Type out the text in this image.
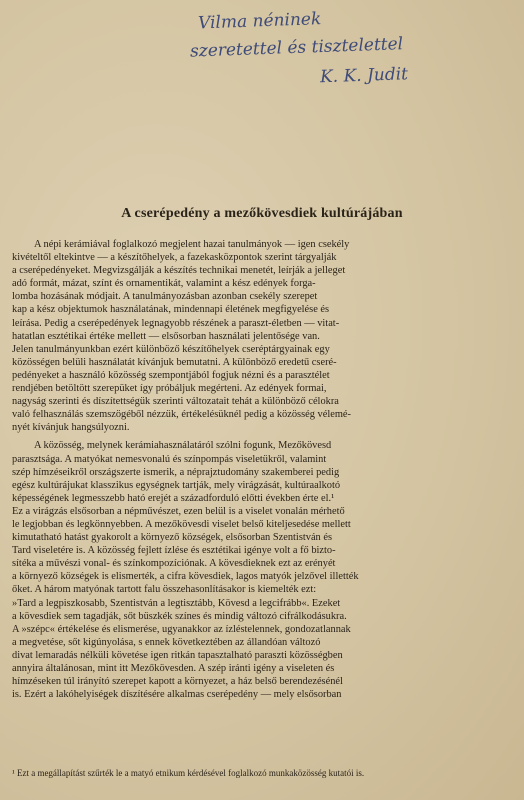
Vilma néninek
szeretettel és tisztelettel
K. K. Judit
A cserépedény a mezőkövesdiek kultúrájában
A népi kerámiával foglalkozó megjelent hazai tanulmányok — igen csekély
kivételtől eltekintve — a készítőhelyek, a fazekasközpontok szerint tárgyalják
a cserépedényeket. Megvizsgálják a készítés technikai menetét, leírják a jelleget
adó formát, mázat, színt és ornamentikát, valamint a kész edények forga-
lomba hozásának módjait. A tanulmányozásban azonban csekély szerepet
kap a kész objektumok használatának, mindennapi életének megfigyelése és
leírása. Pedig a cserépedények legnagyobb részének a paraszt-életben — vitat-
hatatlan esztétikai értéke mellett — elsősorban használati jelentősége van.
Jelen tanulmányunkban ezért különböző készítőhelyek cseréptárgyainak egy
közösségen belüli használatát kívánjuk bemutatni. A különböző eredetű cseré-
pedényeket a használó közösség szempontjából fogjuk nézni és a parasztélet
rendjében betöltött szerepüket így próbáljuk megérteni. Az edények formai,
nagyság szerinti és díszítettségük szerinti változatait tehát a különböző célokra
való felhasználás szemszögéből nézzük, értékelésüknél pedig a közösség vélemé-
nyét kívánjuk hangsúlyozni.
A közösség, melynek kerámiahasználatáról szólni fogunk, Mezőkövesd
parasztsága. A matyókat nemesvonalú és színpompás viseletükről, valamint
szép hímzéseikről országszerte ismerik, a néprajztudomány szakemberei pedig
egész kultúrájukat klasszikus egységnek tartják, mely virágzását, kultúraalkotó
képességének legmesszebb ható erejét a századforduló előtti években érte el.¹
Ez a virágzás elsősorban a népművészet, ezen belül is a viselet vonalán mérhető
le legjobban és legkönnyebben. A mezőkövesdi viselet belső kiteljesedése mellett
kimutatható hatást gyakorolt a környező községek, elsősorban Szentistván és
Tard viseletére is. A közösség fejlett ízlése és esztétikai igénye volt a fő bizto-
sítéka a művészi vonal- és színkompozíciónak. A kövesdieknek ezt az erényét
a környező községek is elismerték, a cifra kövesdiek, lagos matyók jelzővel illették
őket. A három matyónak tartott falu összehasonlításakor is kiemelték ezt:
»Tard a legpiszkosabb, Szentistván a legtisztább, Kövesd a legcifrább«. Ezeket
a kövesdiek sem tagadják, sőt büszkék színes és mindig változó cifrálkodásukra.
A »szépc« értékelése és elismerése, ugyanakkor az ízléstelennek, gondozatlannak
a megvetése, sőt kigúnyolása, s ennek következtében az állandóan változó
divat lemaradás nélküli követése igen ritkán tapasztalható paraszti közösségben
annyira általánosan, mint itt Mezőkövesden. A szép iránti igény a viseleten és
hímzéseken túl irányító szerepet kapott a környezet, a ház belső berendezésénél
is. Ezért a lakóhelyiségek díszítésére alkalmas cserépedény — mely elsősorban
¹ Ezt a megállapítást szűrték le a matyó etnikum kérdésével foglalkozó munkaközösség kutatói is.
